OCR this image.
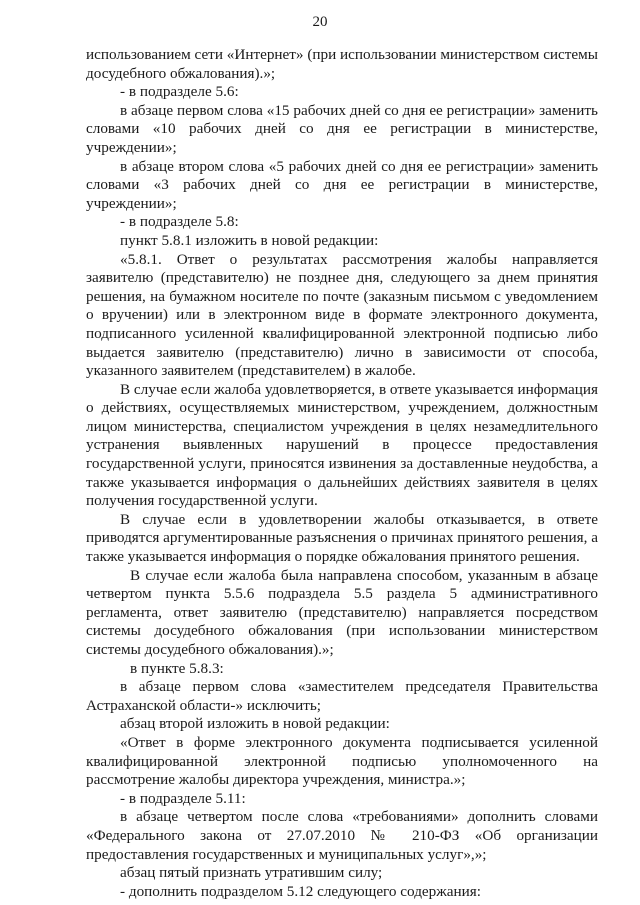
20

использованием сети «Интернет» (при использовании министерством системы досудебного обжалования).»;

- в подразделе 5.6:

в абзаце первом слова «15 рабочих дней со дня ее регистрации» заменить словами «10 рабочих дней со дня ее регистрации в министерстве, учреждении»;

в абзаце втором слова «5 рабочих дней со дня ее регистрации» заменить словами «3 рабочих дней со дня ее регистрации в министерстве, учреждении»;

- в подразделе 5.8:

пункт 5.8.1 изложить в новой редакции:

«5.8.1. Ответ о результатах рассмотрения жалобы направляется заявителю (представителю) не позднее дня, следующего за днем принятия решения, на бумажном носителе по почте (заказным письмом с уведомлением о вручении) или в электронном виде в формате электронного документа, подписанного усиленной квалифицированной электронной подписью либо выдается заявителю (представителю) лично в зависимости от способа, указанного заявителем (представителем) в жалобе.

В случае если жалоба удовлетворяется, в ответе указывается информация о действиях, осуществляемых министерством, учреждением, должностным лицом министерства, специалистом учреждения в целях незамедлительного устранения выявленных нарушений в процессе предоставления государственной услуги, приносятся извинения за доставленные неудобства, а также указывается информация о дальнейших действиях заявителя в целях получения государственной услуги.

В случае если в удовлетворении жалобы отказывается, в ответе приводятся аргументированные разъяснения о причинах принятого решения, а также указывается информация о порядке обжалования принятого решения.

В случае если жалоба была направлена способом, указанным в абзаце четвертом пункта 5.5.6 подраздела 5.5 раздела 5 административного регламента, ответ заявителю (представителю) направляется посредством системы досудебного обжалования (при использовании министерством системы досудебного обжалования).»;

в пункте 5.8.3:

в абзаце первом слова «заместителем председателя Правительства Астраханской области-» исключить;

абзац второй изложить в новой редакции:

«Ответ в форме электронного документа подписывается усиленной квалифицированной электронной подписью уполномоченного на рассмотрение жалобы директора учреждения, министра.»;

- в подразделе 5.11:

в абзаце четвертом после слова «требованиями» дополнить словами «Федерального закона от 27.07.2010 № 210-ФЗ «Об организации предоставления государственных и муниципальных услуг»,»;

абзац пятый признать утратившим силу;

- дополнить подразделом 5.12 следующего содержания:
